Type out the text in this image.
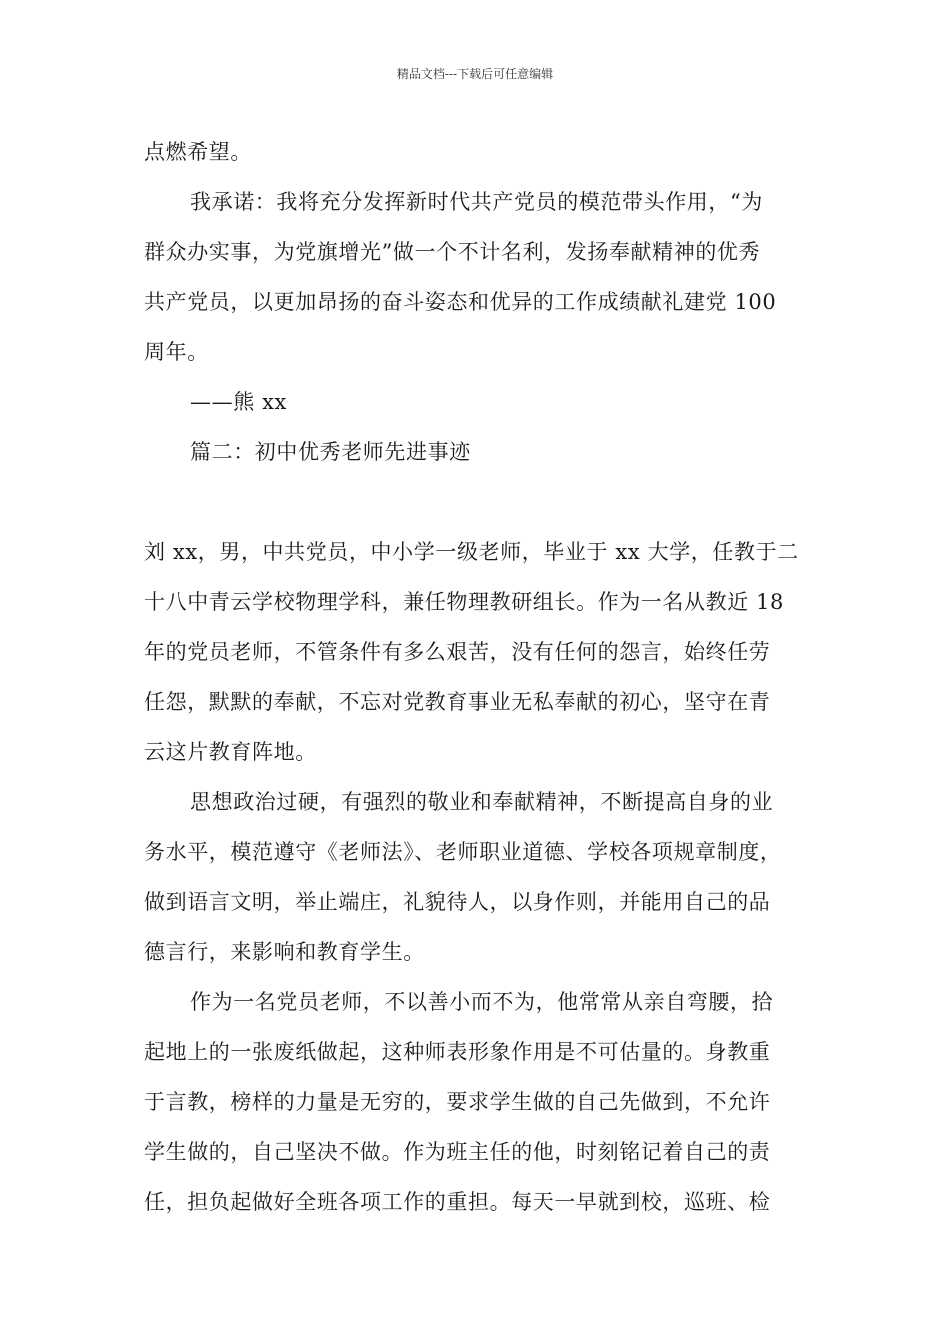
精品文档---下载后可任意编辑

点燃希望。

我承诺：我将充分发挥新时代共产党员的模范带头作用，“为

群众办实事，为党旗增光”做一个不计名利，发扬奉献精神的优秀

共产党员，以更加昂扬的奋斗姿态和优异的工作成绩献礼建党 100

周年。

——熊 xx

篇二：初中优秀老师先进事迹

刘 xx，男，中共党员，中小学一级老师，毕业于 xx 大学，任教于二

十八中青云学校物理学科，兼任物理教研组长。作为一名从教近 18

年的党员老师，不管条件有多么艰苦，没有任何的怨言，始终任劳

任怨，默默的奉献，不忘对党教育事业无私奉献的初心，坚守在青

云这片教育阵地。

思想政治过硬，有强烈的敬业和奉献精神，不断提高自身的业

务水平，模范遵守《老师法》、老师职业道德、学校各项规章制度，

做到语言文明，举止端庄，礼貌待人，以身作则，并能用自己的品

德言行，来影响和教育学生。

作为一名党员老师，不以善小而不为，他常常从亲自弯腰，拾

起地上的一张废纸做起，这种师表形象作用是不可估量的。身教重

于言教，榜样的力量是无穷的，要求学生做的自己先做到，不允许

学生做的，自己坚决不做。作为班主任的他，时刻铭记着自己的责

任，担负起做好全班各项工作的重担。每天一早就到校，巡班、检
